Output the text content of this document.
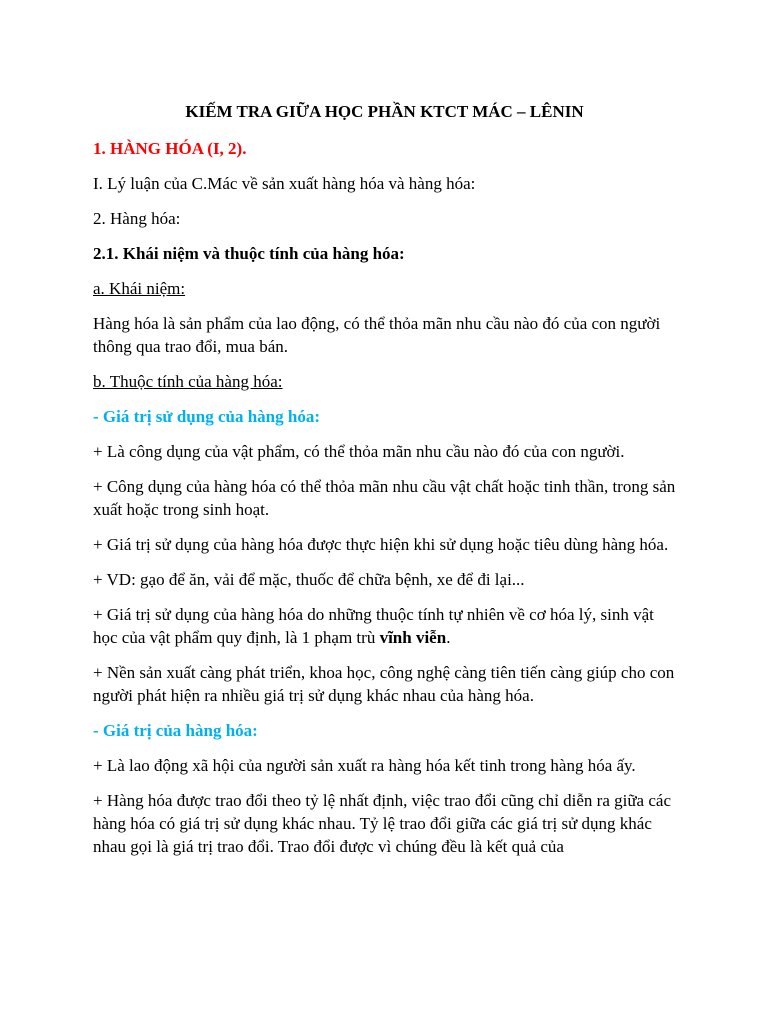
KIẾM TRA GIỮA HỌC PHẦN KTCT MÁC – LÊNIN

1. HÀNG HÓA (I, 2).

I. Lý luận của C.Mác về sản xuất hàng hóa và hàng hóa:

2. Hàng hóa:

2.1. Khái niệm và thuộc tính của hàng hóa:

a. Khái niệm:

Hàng hóa là sản phẩm của lao động, có thể thỏa mãn nhu cầu nào đó của con người thông qua trao đổi, mua bán.

b. Thuộc tính của hàng hóa:

- Giá trị sử dụng của hàng hóa:

+ Là công dụng của vật phẩm, có thể thỏa mãn nhu cầu nào đó của con người.

+ Công dụng của hàng hóa có thể thỏa mãn nhu cầu vật chất hoặc tinh thần, trong sản xuất hoặc trong sinh hoạt.

+ Giá trị sử dụng của hàng hóa được thực hiện khi sử dụng hoặc tiêu dùng hàng hóa.

+ VD: gạo để ăn, vải để mặc, thuốc để chữa bệnh, xe để đi lại...

+ Giá trị sử dụng của hàng hóa do những thuộc tính tự nhiên về cơ hóa lý, sinh vật học của vật phẩm quy định, là 1 phạm trù vĩnh viễn.

+ Nền sản xuất càng phát triển, khoa học, công nghệ càng tiên tiến càng giúp cho con người phát hiện ra nhiều giá trị sử dụng khác nhau của hàng hóa.

- Giá trị của hàng hóa:

+ Là lao động xã hội của người sản xuất ra hàng hóa kết tinh trong hàng hóa ấy.

+ Hàng hóa được trao đổi theo tỷ lệ nhất định, việc trao đổi cũng chỉ diễn ra giữa các hàng hóa có giá trị sử dụng khác nhau. Tỷ lệ trao đổi giữa các giá trị sử dụng khác nhau gọi là giá trị trao đổi. Trao đổi được vì chúng đều là kết quả của
